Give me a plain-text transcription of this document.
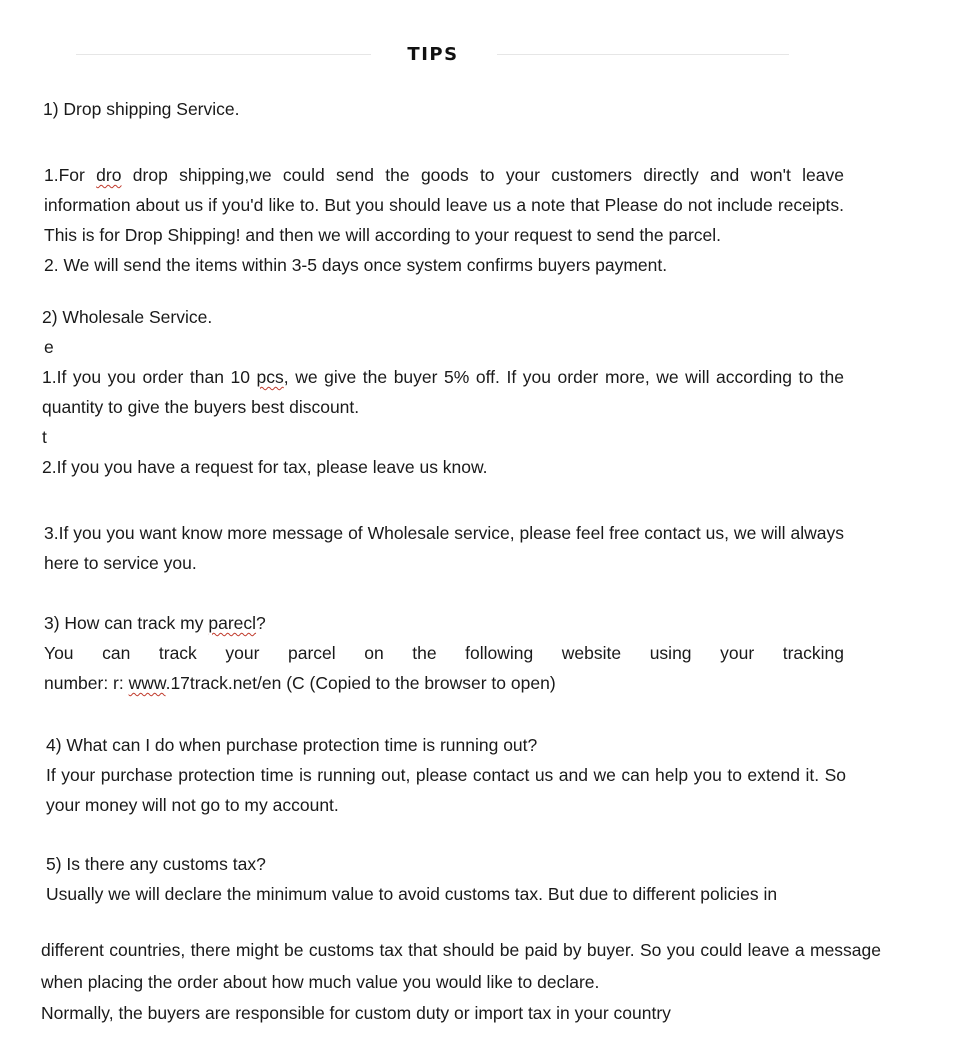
TIPS

1) Drop shipping Service.

1.For dro drop shipping,we could send the goods to your customers directly and won't leave information about us if you'd like to. But you should leave us a note that Please do not include receipts. This is for Drop Shipping! and then we will according to your request to send the parcel.

2. We will send the items within 3-5 days once system confirms buyers payment.

2) Wholesale Service.

e

1.If you you order than 10 pcs, we give the buyer 5% off. If you order more, we will according to the quantity to give the buyers best discount.

t

2.If you you have a request for tax, please leave us know.

3.If you you want know more message of Wholesale service, please feel free contact us, we will always here to service you.

3) How can track my parecl?

You can track your parcel on the following website using your tracking

number: r: www.17track.net/en (C (Copied to the browser to open)

4) What can I do when purchase protection time is running out?

If your purchase protection time is running out, please contact us and we can help you to extend it. So your money will not go to my account.

5) Is there any customs tax?

Usually we will declare the minimum value to avoid customs tax. But due to different policies in

different countries, there might be customs tax that should be paid by buyer. So you could leave a message when placing the order about how much value you would like to declare.

Normally, the buyers are responsible for custom duty or import tax in your country
